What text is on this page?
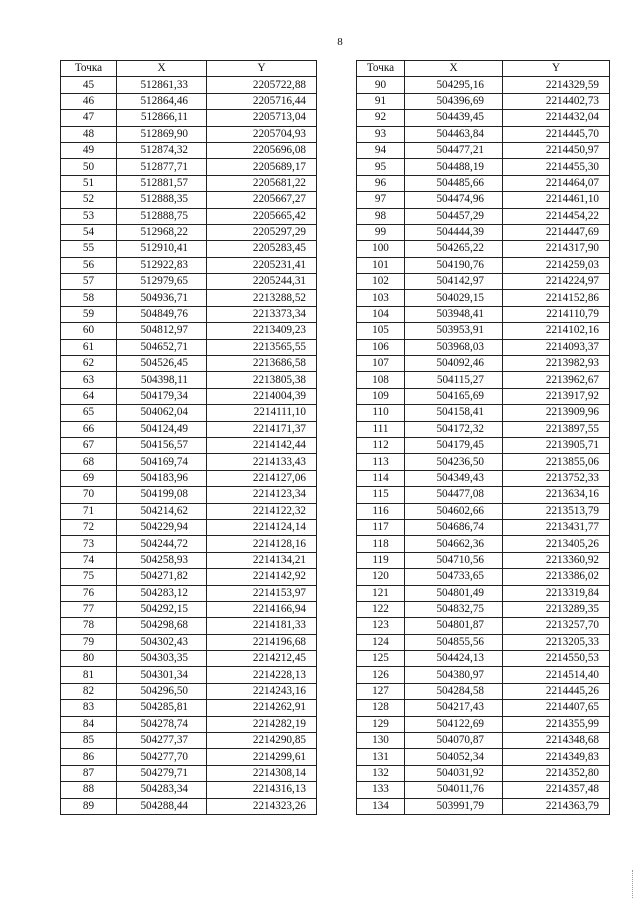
8
Точка	X	Y
45	512861,33	2205722,88
46	512864,46	2205716,44
47	512866,11	2205713,04
48	512869,90	2205704,93
49	512874,32	2205696,08
50	512877,71	2205689,17
51	512881,57	2205681,22
52	512888,35	2205667,27
53	512888,75	2205665,42
54	512968,22	2205297,29
55	512910,41	2205283,45
56	512922,83	2205231,41
57	512979,65	2205244,31
58	504936,71	2213288,52
59	504849,76	2213373,34
60	504812,97	2213409,23
61	504652,71	2213565,55
62	504526,45	2213686,58
63	504398,11	2213805,38
64	504179,34	2214004,39
65	504062,04	2214111,10
66	504124,49	2214171,37
67	504156,57	2214142,44
68	504169,74	2214133,43
69	504183,96	2214127,06
70	504199,08	2214123,34
71	504214,62	2214122,32
72	504229,94	2214124,14
73	504244,72	2214128,16
74	504258,93	2214134,21
75	504271,82	2214142,92
76	504283,12	2214153,97
77	504292,15	2214166,94
78	504298,68	2214181,33
79	504302,43	2214196,68
80	504303,35	2214212,45
81	504301,34	2214228,13
82	504296,50	2214243,16
83	504285,81	2214262,91
84	504278,74	2214282,19
85	504277,37	2214290,85
86	504277,70	2214299,61
87	504279,71	2214308,14
88	504283,34	2214316,13
89	504288,44	2214323,26
Точка	X	Y
90	504295,16	2214329,59
91	504396,69	2214402,73
92	504439,45	2214432,04
93	504463,84	2214445,70
94	504477,21	2214450,97
95	504488,19	2214455,30
96	504485,66	2214464,07
97	504474,96	2214461,10
98	504457,29	2214454,22
99	504444,39	2214447,69
100	504265,22	2214317,90
101	504190,76	2214259,03
102	504142,97	2214224,97
103	504029,15	2214152,86
104	503948,41	2214110,79
105	503953,91	2214102,16
106	503968,03	2214093,37
107	504092,46	2213982,93
108	504115,27	2213962,67
109	504165,69	2213917,92
110	504158,41	2213909,96
111	504172,32	2213897,55
112	504179,45	2213905,71
113	504236,50	2213855,06
114	504349,43	2213752,33
115	504477,08	2213634,16
116	504602,66	2213513,79
117	504686,74	2213431,77
118	504662,36	2213405,26
119	504710,56	2213360,92
120	504733,65	2213386,02
121	504801,49	2213319,84
122	504832,75	2213289,35
123	504801,87	2213257,70
124	504855,56	2213205,33
125	504424,13	2214550,53
126	504380,97	2214514,40
127	504284,58	2214445,26
128	504217,43	2214407,65
129	504122,69	2214355,99
130	504070,87	2214348,68
131	504052,34	2214349,83
132	504031,92	2214352,80
133	504011,76	2214357,48
134	503991,79	2214363,79
